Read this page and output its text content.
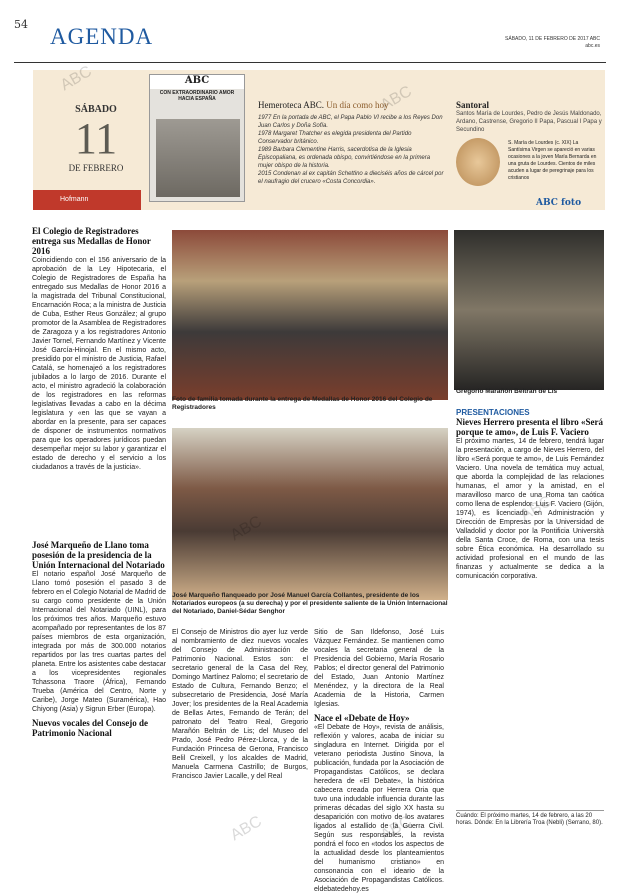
54 AGENDA	SÁBADO, 11 DE FEBRERO DE 2017 ABC
abc.es
SÁBADO
11
DE FEBRERO
Hofmann
ABC
CON EXTRAORDINARIO AMOR HACIA ESPAÑA
Hemeroteca ABC. Un día como hoy

1977 En la portada de ABC, el Papa Pablo VI recibe a los Reyes Don Juan Carlos y Doña Sofía.

1978 Margaret Thatcher es elegida presidenta del Partido Conservador británico.

1989 Barbara Clementine Harris, sacerdotisa de la Iglesia Episcopaliana, es ordenada obispo, convirtiéndose en la primera mujer obispo de la historia.

2015 Condenan al ex capitán Schettino a dieciséis años de cárcel por el naufragio del crucero «Costa Concordia».

Santoral

Santos María de Lourdes, Pedro de Jesús Maldonado, Ardano, Castrense, Gregorio II Papa, Pascual I Papa y Secundino

S. María de Lourdes (c. XIX) La Santísima Virgen se apareció en varias ocasiones a la joven María Bernarda en una gruta de Lourdes. Cientos de miles acuden a lugar de peregrinaje para los cristianos
ABC foto
El Colegio de Registradores entrega sus Medallas de Honor 2016

Coincidiendo con el 156 aniversario de la aprobación de la Ley Hipotecaria, el Colegio de Registradores de España ha entregado sus Medallas de Honor 2016 a la magistrada del Tribunal Constitucional, Encarnación Roca; a la ministra de Justicia de Cuba, Esther Reus González; al grupo promotor de la Asamblea de Registradores de Zaragoza y a los registradores Antonio Javier Tornel, Fernando Martínez y Vicente José García-Hinojal. En el mismo acto, presidido por el ministro de Justicia, Rafael Catalá, se homenajeó a los registradores jubilados a lo largo de 2016. Durante el acto, el ministro agradeció la colaboración de los registradores en las reformas legislativas llevadas a cabo en la décima legislatura y «en las que se vayan a abordar en la presente, para ser capaces de disponer de instrumentos normativos para que los operadores jurídicos puedan desempeñar mejor su labor y garantizar el estado de derecho y el servicio a los ciudadanos a través de la justicia».

Foto de familia tomada durante la entrega de Medallas de Honor 2016 del Colegio de Registradores
Gregorio Marañón Beltrán de Lis
José Marqueño flanqueado por José Manuel García Collantes, presidente de los Notariados europeos (a su derecha) y por el presidente saliente de la Unión Internacional del Notariado, Daniel-Sédar Senghor
José Marqueño de Llano toma posesión de la presidencia de la Unión Internacional del Notariado

El notario español José Marqueño de Llano tomó posesión el pasado 3 de febrero en el Colegio Notarial de Madrid de su cargo como presidente de la Unión Internacional del Notariado (UINL), para los próximos tres años. Marqueño estuvo acompañado por representantes de los 87 países miembros de esta organización, integrada por más de 300.000 notarios repartidos por las tres cuartas partes del planeta. Entre los asistentes cabe destacar a los vicepresidentes regionales Tchassona Traore (África), Fernando Trueba (América del Centro, Norte y Caribe), Jorge Mateo (Suramérica), Hao Chiyong (Asia) y Sigrun Erber (Europa).

Nuevos vocales del Consejo de Patrimonio Nacional

El Consejo de Ministros dio ayer luz verde al nombramiento de diez nuevos vocales del Consejo de Administración de Patrimonio Nacional. Estos son: el secretario general de la Casa del Rey, Domingo Martínez Palomo; el secretario de Estado de Cultura, Fernando Benzo; el subsecretario de Presidencia, José María Jover; los presidentes de la Real Academia de Bellas Artes, Fernando de Terán; del patronato del Teatro Real, Gregorio Marañón Beltrán de Lis; del Museo del Prado, José Pedro Pérez-Llorca, y de la Fundación Princesa de Gerona, Francisco Belil Creixell, y los alcaldes de Madrid, Manuela Carmena Castrillo; de Burgos, Francisco Javier Lacalle, y del Real

Sitio de San Ildefonso, José Luis Vázquez Fernández. Se mantienen como vocales la secretaria general de la Presidencia del Gobierno, María Rosario Pablos; el director general del Patrimonio del Estado, Juan Antonio Martínez Menéndez, y la directora de la Real Academia de la Historia, Carmen Iglesias.

Nace el «Debate de Hoy»

«El Debate de Hoy», revista de análisis, reflexión y valores, acaba de iniciar su singladura en Internet. Dirigida por el veterano periodista Justino Sinova, la publicación, fundada por la Asociación de Propagandistas Católicos, se declara heredera de «El Debate», la histórica cabecera creada por Herrera Oria que tuvo una indudable influencia durante las primeras décadas del siglo XX hasta su desaparición con motivo de los avatares ligados al estallido de la Guerra Civil. Según sus responsables, la revista pondrá el foco en «todos los aspectos de la actualidad desde los planteamientos del humanismo cristiano» en consonancia con el ideario de la Asociación de Propagandistas Católicos. eldebatedehoy.es

PRESENTACIONES
Nieves Herrero presenta el libro «Será porque te amo», de Luis F. Vaciero

El próximo martes, 14 de febrero, tendrá lugar la presentación, a cargo de Nieves Herrero, del libro «Será porque te amo», de Luis Fernández Vaciero. Una novela de temática muy actual, que aborda la complejidad de las relaciones humanas, el amor y la amistad, en el maravilloso marco de una Roma tan caótica como llena de esplendor. Luis F. Vaciero (Gijón, 1974), es licenciado en Administración y Dirección de Empresas por la Universidad de Valladolid y doctor por la Pontificia Università della Santa Croce, de Roma, con una tesis sobre Ética económica. Ha desarrollado su actividad profesional en el mundo de las finanzas y actualmente se dedica a la comunicación corporativa.

Cuándo: El próximo martes, 14 de febrero, a las 20 horas. Dónde: En la Librería Troa (Nebli) (Serrano, 80).
ABC
ABC
ABC
ABC
ABC	ABC
